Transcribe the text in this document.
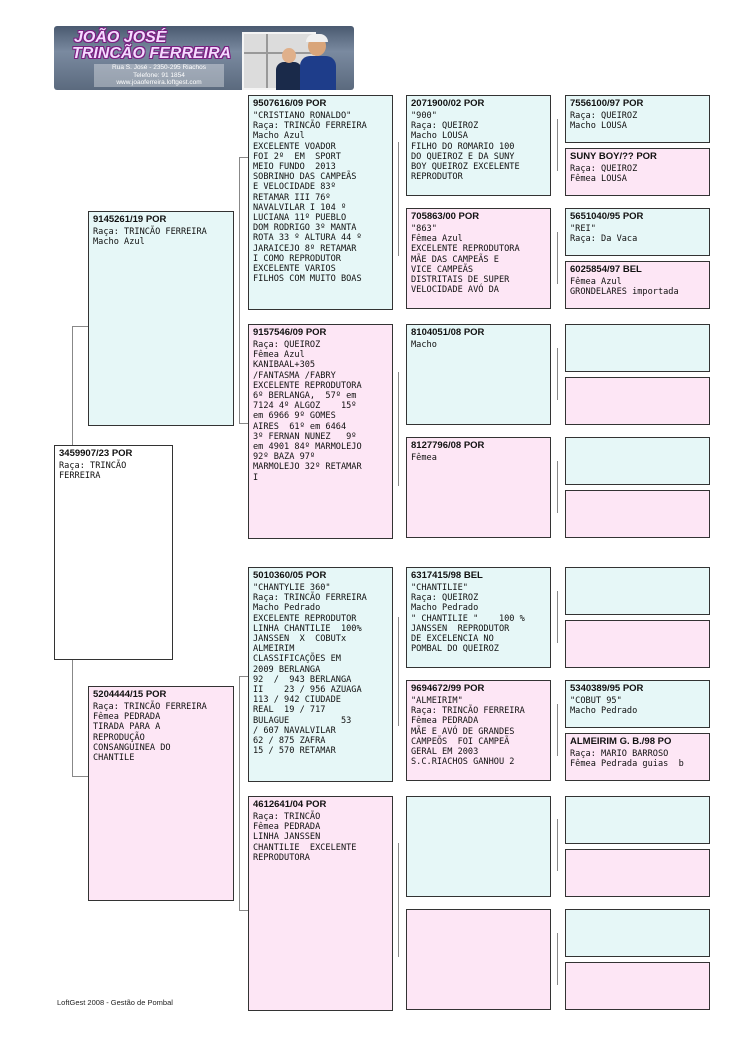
JOÃO JOSÉ
TRINCÃO FERREIRA
Rua S. José - 2350-295 Riachos
Telefone: 91 1854
www.joaoferreira.loftgest.com
3459907/23 POR
Raça: TRINCÃO FERREIRA
9145261/19 POR
Raça: TRINCÃO FERREIRA
Macho Azul
5204444/15 POR
Raça: TRINCÃO FERREIRA
Fêmea PEDRADA
TIRADA PARA A
REPRODUÇÃO
CONSANGUINEA DO
CHANTILE
9507616/09 POR
"CRISTIANO RONALDO"
Raça: TRINCÃO FERREIRA
Macho Azul
EXCELENTE VOADOR
FOI 2º  EM  SPORT
MEIO FUNDO  2013
SOBRINHO DAS CAMPEÃS
E VELOCIDADE 83º
RETAMAR III 76º
NAVALVILAR I 104 º
LUCIANA 11º PUEBLO
DOM RODRIGO 3º MANTA
ROTA 33 º ALTURA 44 º
JARAICEJO 8º RETAMAR
I COMO REPRODUTOR
EXCELENTE VARIOS
FILHOS COM MUITO BOAS
9157546/09 POR
Raça: QUEIROZ
Fêmea Azul
KANIBAAL+305
/FANTASMA /FABRY
EXCELENTE REPRODUTORA
6º BERLANGA,  57º em
7124 4º ALGOZ    15º
em 6966 9º GOMES
AIRES  61º em 6464
3º FERNAN NUNEZ   9º
em 4901 84º MARMOLEJO
92º BAZA 97º
MARMOLEJO 32º RETAMAR
I
5010360/05 POR
"CHANTYLIE 360"
Raça: TRINCÃO FERREIRA
Macho Pedrado
EXCELENTE REPRODUTOR
LINHA CHANTILIE  100%
JANSSEN  X  COBUTx
ALMEIRIM
CLASSIFICAÇÕES EM
2009 BERLANGA
92  /  943 BERLANGA
II    23 / 956 AZUAGA
113 / 942 CIUDADE
REAL  19 / 717
BULAGUE          53
/ 607 NAVALVILAR
62 / 875 ZAFRA
15 / 570 RETAMAR
4612641/04 POR
Raça: TRINCÃO
Fêmea PEDRADA
LINHA JANSSEN
CHANTILIE  EXCELENTE
REPRODUTORA
2071900/02 POR
"900"
Raça: QUEIROZ
Macho LOUSA
FILHO DO ROMARIO 100
DO QUEIROZ E DA SUNY
BOY QUEIROZ EXCELENTE
REPRODUTOR
705863/00 POR
"863"
Fêmea Azul
EXCELENTE REPRODUTORA
MÃE DAS CAMPEÃS E
VICE CAMPEÃS
DISTRITAIS DE SUPER
VELOCIDADE AVÓ DA
8104051/08 POR
Macho
8127796/08 POR
Fêmea
6317415/98 BEL
"CHANTILIE"
Raça: QUEIROZ
Macho Pedrado
" CHANTILIE "    100 %
JANSSEN  REPRODUTOR
DE EXCELENCIA NO
POMBAL DO QUEIROZ
9694672/99 POR
"ALMEIRIM"
Raça: TRINCÃO FERREIRA
Fêmea PEDRADA
MÃE E AVÓ DE GRANDES
CAMPEÕS  FOI CAMPEÃ
GERAL EM 2003
S.C.RIACHOS GANHOU 2
7556100/97 POR
Raça: QUEIROZ
Macho LOUSA
SUNY BOY/?? POR
Raça: QUEIROZ
Fêmea LOUSA
5651040/95 POR
"REI"
Raça: Da Vaca
6025854/97 BEL
Fêmea Azul
GRONDELARES importada
5340389/95 POR
"COBUT 95"
Macho Pedrado
ALMEIRIM G. B./98 PO
Raça: MARIO BARROSO
Fêmea Pedrada guias  b
LoftGest 2008 - Gestão de Pombal
